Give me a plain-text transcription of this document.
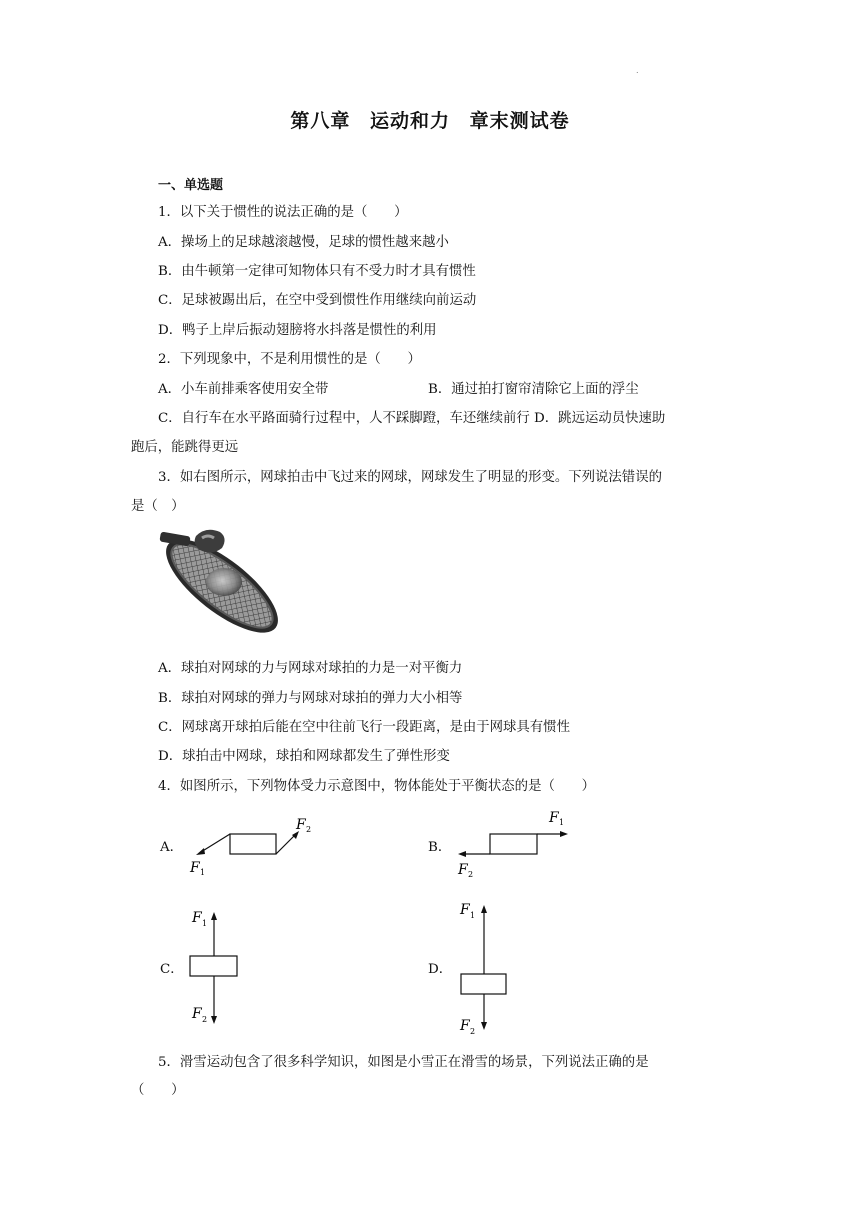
.
第八章 运动和力 章末测试卷
一、单选题
1．以下关于惯性的说法正确的是（　　）
A．操场上的足球越滚越慢，足球的惯性越来越小
B．由牛顿第一定律可知物体只有不受力时才具有惯性
C．足球被踢出后，在空中受到惯性作用继续向前运动
D．鸭子上岸后振动翅膀将水抖落是惯性的利用
2．下列现象中，不是利用惯性的是（　　）
A．小车前排乘客使用安全带	B．通过拍打窗帘清除它上面的浮尘
C．自行车在水平路面骑行过程中，人不踩脚蹬，车还继续前行 D．跳远运动员快速助
跑后，能跳得更远
3．如右图所示，网球拍击中飞过来的网球，网球发生了明显的形变。下列说法错误的
是（　）
A．球拍对网球的力与网球对球拍的力是一对平衡力
B．球拍对网球的弹力与网球对球拍的弹力大小相等
C．网球离开球拍后能在空中往前飞行一段距离，是由于网球具有惯性
D．球拍击中网球，球拍和网球都发生了弹性形变
4．如图所示，下列物体受力示意图中，物体能处于平衡状态的是（　　）
A．	B．
C．	D．
F 2
F 1
F 1
F 2
F 1
F 2
F 1
F 2
5．滑雪运动包含了很多科学知识，如图是小雪正在滑雪的场景，下列说法正确的是
（　　）
